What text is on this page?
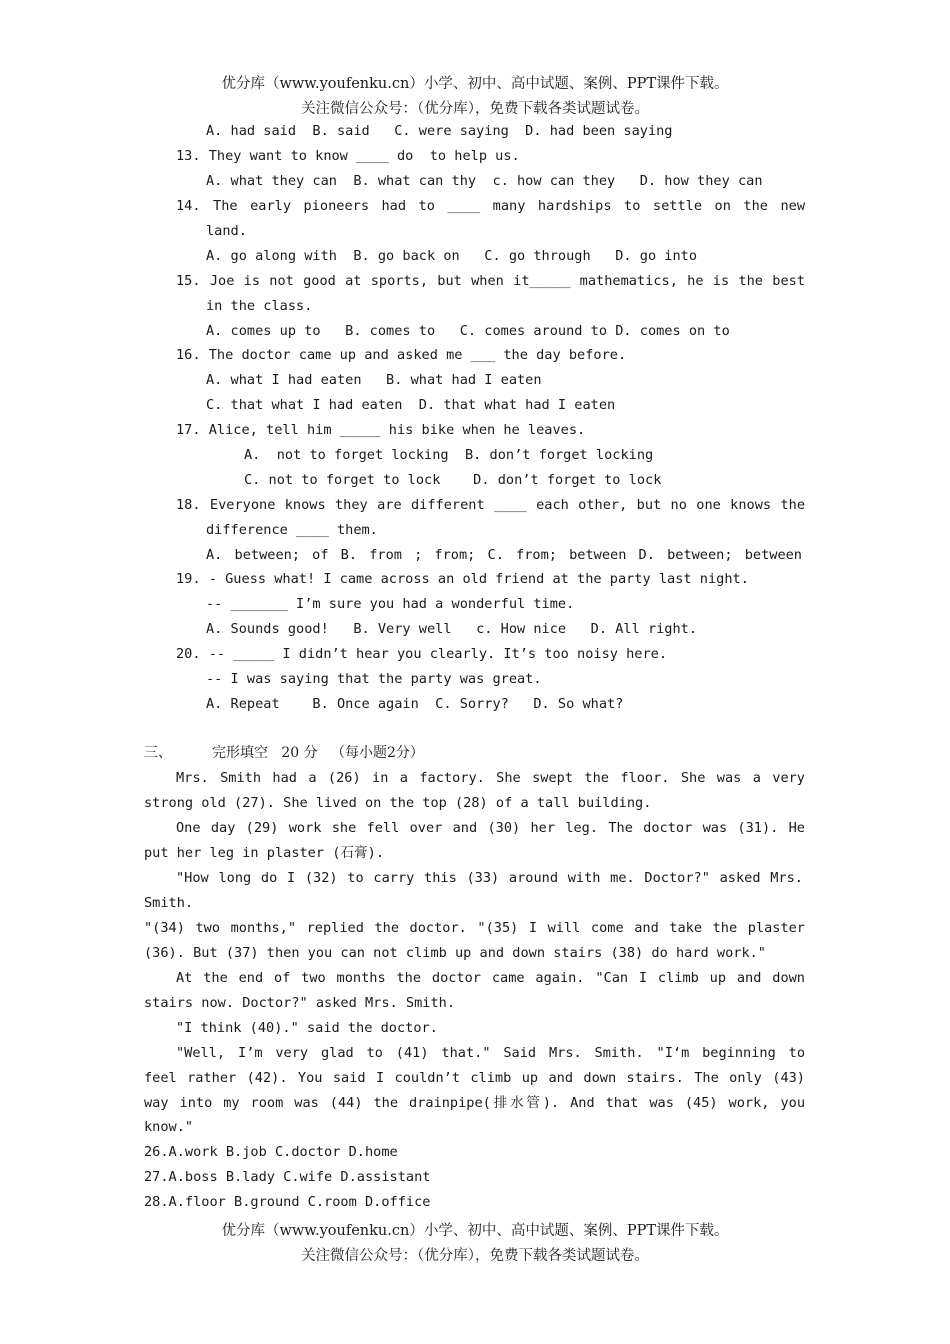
优分库（www.youfenku.cn）小学、初中、高中试题、案例、PPT课件下载。
关注微信公众号：（优分库），免费下载各类试题试卷。
A. had said  B. said   C. were saying  D. had been saying
13. They want to know ____ do  to help us.
A. what they can  B. what can thy  c. how can they   D. how they can
14. The early pioneers had to ____ many hardships to settle on the new
land.
A. go along with  B. go back on   C. go through   D. go into
15. Joe is not good at sports, but when it_____ mathematics, he is the best
in the class.
A. comes up to   B. comes to   C. comes around to D. comes on to
16. The doctor came up and asked me ___ the day before.
A. what I had eaten   B. what had I eaten
C. that what I had eaten  D. that what had I eaten
17. Alice, tell him _____ his bike when he leaves.
A.  not to forget locking  B. don’t forget locking
C. not to forget to lock    D. don’t forget to lock
18. Everyone knows they are different ____ each other, but no one knows the
difference ____ them.
A. between; of B. from ; from; C. from; between D. between; between
19. - Guess what! I came across an old friend at the party last night.
-- _______ I’m sure you had a wonderful time.
A. Sounds good!   B. Very well   c. How nice   D. All right.
20. -- _____ I didn’t hear you clearly. It’s too noisy here.
-- I was saying that the party was great.
A. Repeat    B. Once again  C. Sorry?   D. So what?
三、	完形填空   20 分   （每小题2分）
Mrs. Smith had a (26) in a factory. She swept the floor. She was a very
strong old (27). She lived on the top (28) of a tall building.
One day (29) work she fell over and (30) her leg. The doctor was (31). He
put her leg in plaster (石膏).
"How long do I (32) to carry this (33) around with me. Doctor?" asked Mrs.
Smith.
"(34) two months," replied the doctor. "(35) I will come and take the plaster
(36). But (37) then you can not climb up and down stairs (38) do hard work."
At the end of two months the doctor came again. "Can I climb up and down
stairs now. Doctor?" asked Mrs. Smith.
"I think (40)." said the doctor.
"Well, I’m very glad to (41) that." Said Mrs. Smith. "I‘m beginning to
feel rather (42). You said I couldn’t climb up and down stairs. The only (43)
way into my room was (44) the drainpipe(排水管). And that was (45) work, you
know."
26.A.work B.job C.doctor D.home
27.A.boss B.lady C.wife D.assistant
28.A.floor B.ground C.room D.office
优分库（www.youfenku.cn）小学、初中、高中试题、案例、PPT课件下载。
关注微信公众号：（优分库），免费下载各类试题试卷。
